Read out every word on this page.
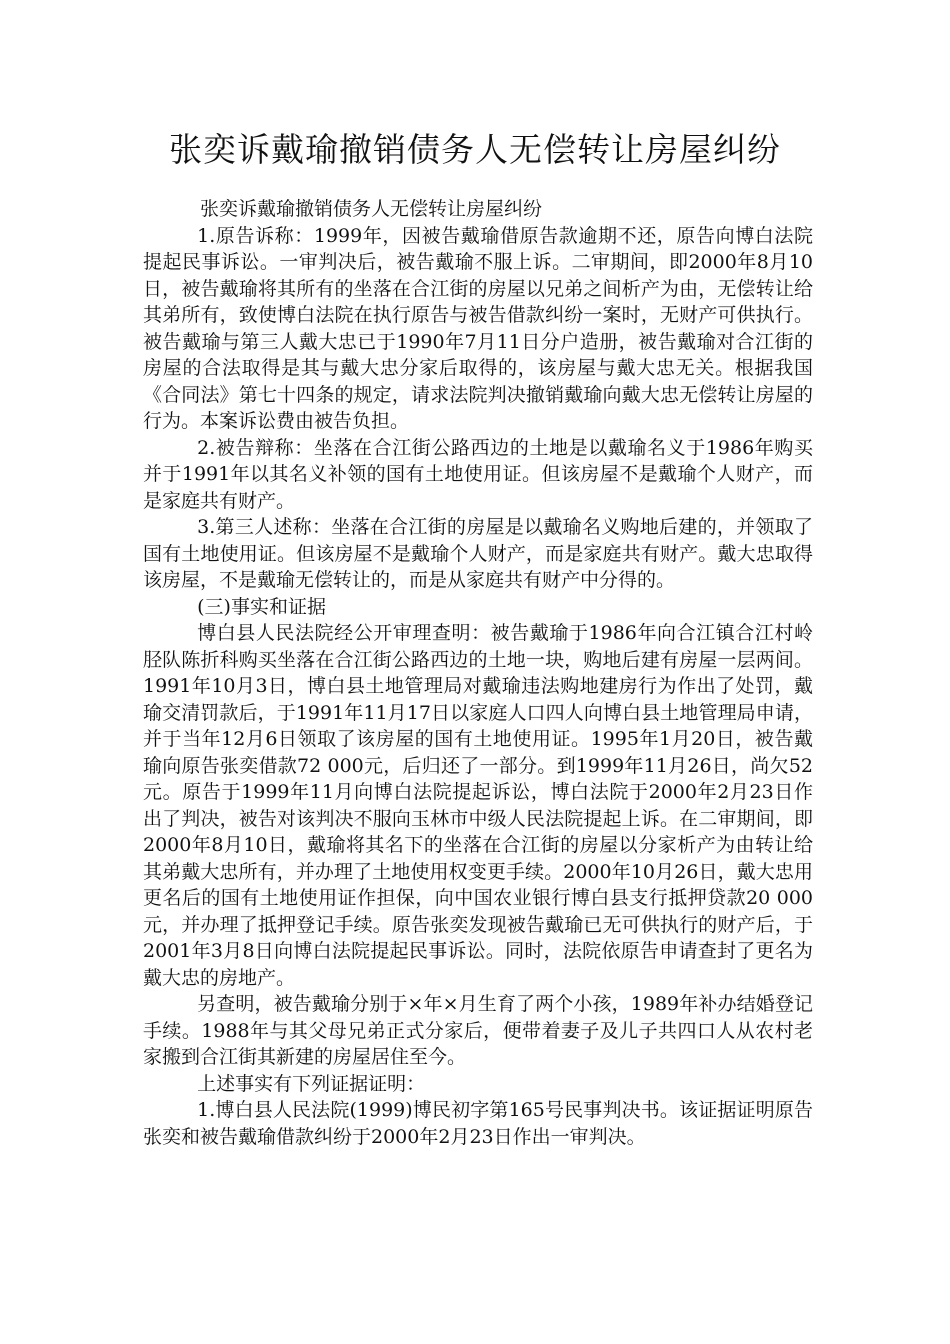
张奕诉戴瑜撤销债务人无偿转让房屋纠纷

张奕诉戴瑜撤销债务人无偿转让房屋纠纷

1.原告诉称：1999年，因被告戴瑜借原告款逾期不还，原告向博白法院提起民事诉讼。一审判决后，被告戴瑜不服上诉。二审期间，即2000年8月10日，被告戴瑜将其所有的坐落在合江街的房屋以兄弟之间析产为由，无偿转让给其弟所有，致使博白法院在执行原告与被告借款纠纷一案时，无财产可供执行。被告戴瑜与第三人戴大忠已于1990年7月11日分户造册，被告戴瑜对合江街的房屋的合法取得是其与戴大忠分家后取得的，该房屋与戴大忠无关。根据我国《合同法》第七十四条的规定，请求法院判决撤销戴瑜向戴大忠无偿转让房屋的行为。本案诉讼费由被告负担。

2.被告辩称：坐落在合江街公路西边的土地是以戴瑜名义于1986年购买并于1991年以其名义补领的国有土地使用证。但该房屋不是戴瑜个人财产，而是家庭共有财产。

3.第三人述称：坐落在合江街的房屋是以戴瑜名义购地后建的，并领取了国有土地使用证。但该房屋不是戴瑜个人财产，而是家庭共有财产。戴大忠取得该房屋，不是戴瑜无偿转让的，而是从家庭共有财产中分得的。

(三)事实和证据

博白县人民法院经公开审理查明：被告戴瑜于1986年向合江镇合江村岭胫队陈折科购买坐落在合江街公路西边的土地一块，购地后建有房屋一层两间。1991年10月3日，博白县土地管理局对戴瑜违法购地建房行为作出了处罚，戴瑜交清罚款后，于1991年11月17日以家庭人口四人向博白县土地管理局申请，并于当年12月6日领取了该房屋的国有土地使用证。1995年1月20日，被告戴瑜向原告张奕借款72 000元，后归还了一部分。到1999年11月26日，尚欠52 元。原告于1999年11月向博白法院提起诉讼，博白法院于2000年2月23日作出了判决，被告对该判决不服向玉林市中级人民法院提起上诉。在二审期间，即2000年8月10日，戴瑜将其名下的坐落在合江街的房屋以分家析产为由转让给其弟戴大忠所有，并办理了土地使用权变更手续。2000年10月26日，戴大忠用更名后的国有土地使用证作担保，向中国农业银行博白县支行抵押贷款20 000元，并办理了抵押登记手续。原告张奕发现被告戴瑜已无可供执行的财产后，于2001年3月8日向博白法院提起民事诉讼。同时，法院依原告申请查封了更名为戴大忠的房地产。

另查明，被告戴瑜分别于×年×月生育了两个小孩，1989年补办结婚登记手续。1988年与其父母兄弟正式分家后，便带着妻子及儿子共四口人从农村老家搬到合江街其新建的房屋居住至今。

上述事实有下列证据证明：

1.博白县人民法院(1999)博民初字第165号民事判决书。该证据证明原告张奕和被告戴瑜借款纠纷于2000年2月23日作出一审判决。
